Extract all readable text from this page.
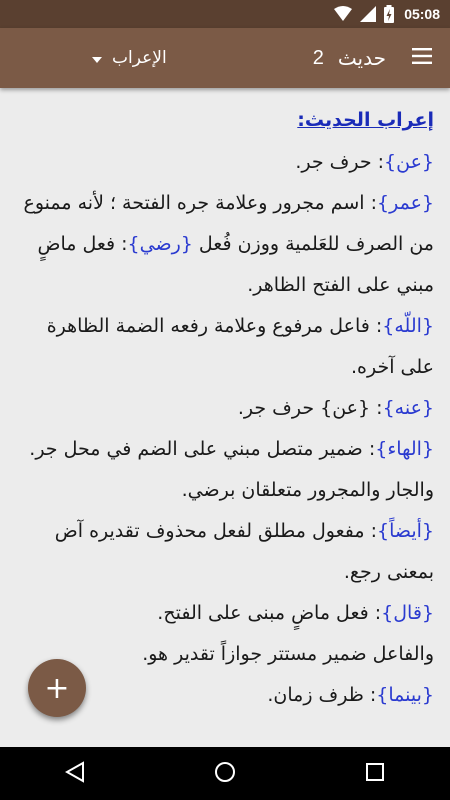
05:08
حديث
2
الإعراب

إعراب الحديث:

{عن}: حرف جر.

{عمر}: اسم مجرور وعلامة جره الفتحة ؛ لأنه ممنوع من الصرف للعَلمية ووزن فُعل {رضي}: فعل ماضٍ مبني على الفتح الظاهر.

{اللّه}: فاعل مرفوع وعلامة رفعه الضمة الظاهرة على آخره.

{عنه}: {عن} حرف جر.

{الهاء}: ضمير متصل مبني على الضم في محل جر.

والجار والمجرور متعلقان برضي.

{أيضاً}: مفعول مطلق لفعل محذوف تقديره آض بمعنى رجع.

{قال}: فعل ماضٍ مبنى على الفتح.

والفاعل ضمير مستتر جوازاً تقدير هو.

{بينما}: ظرف زمان.

+
